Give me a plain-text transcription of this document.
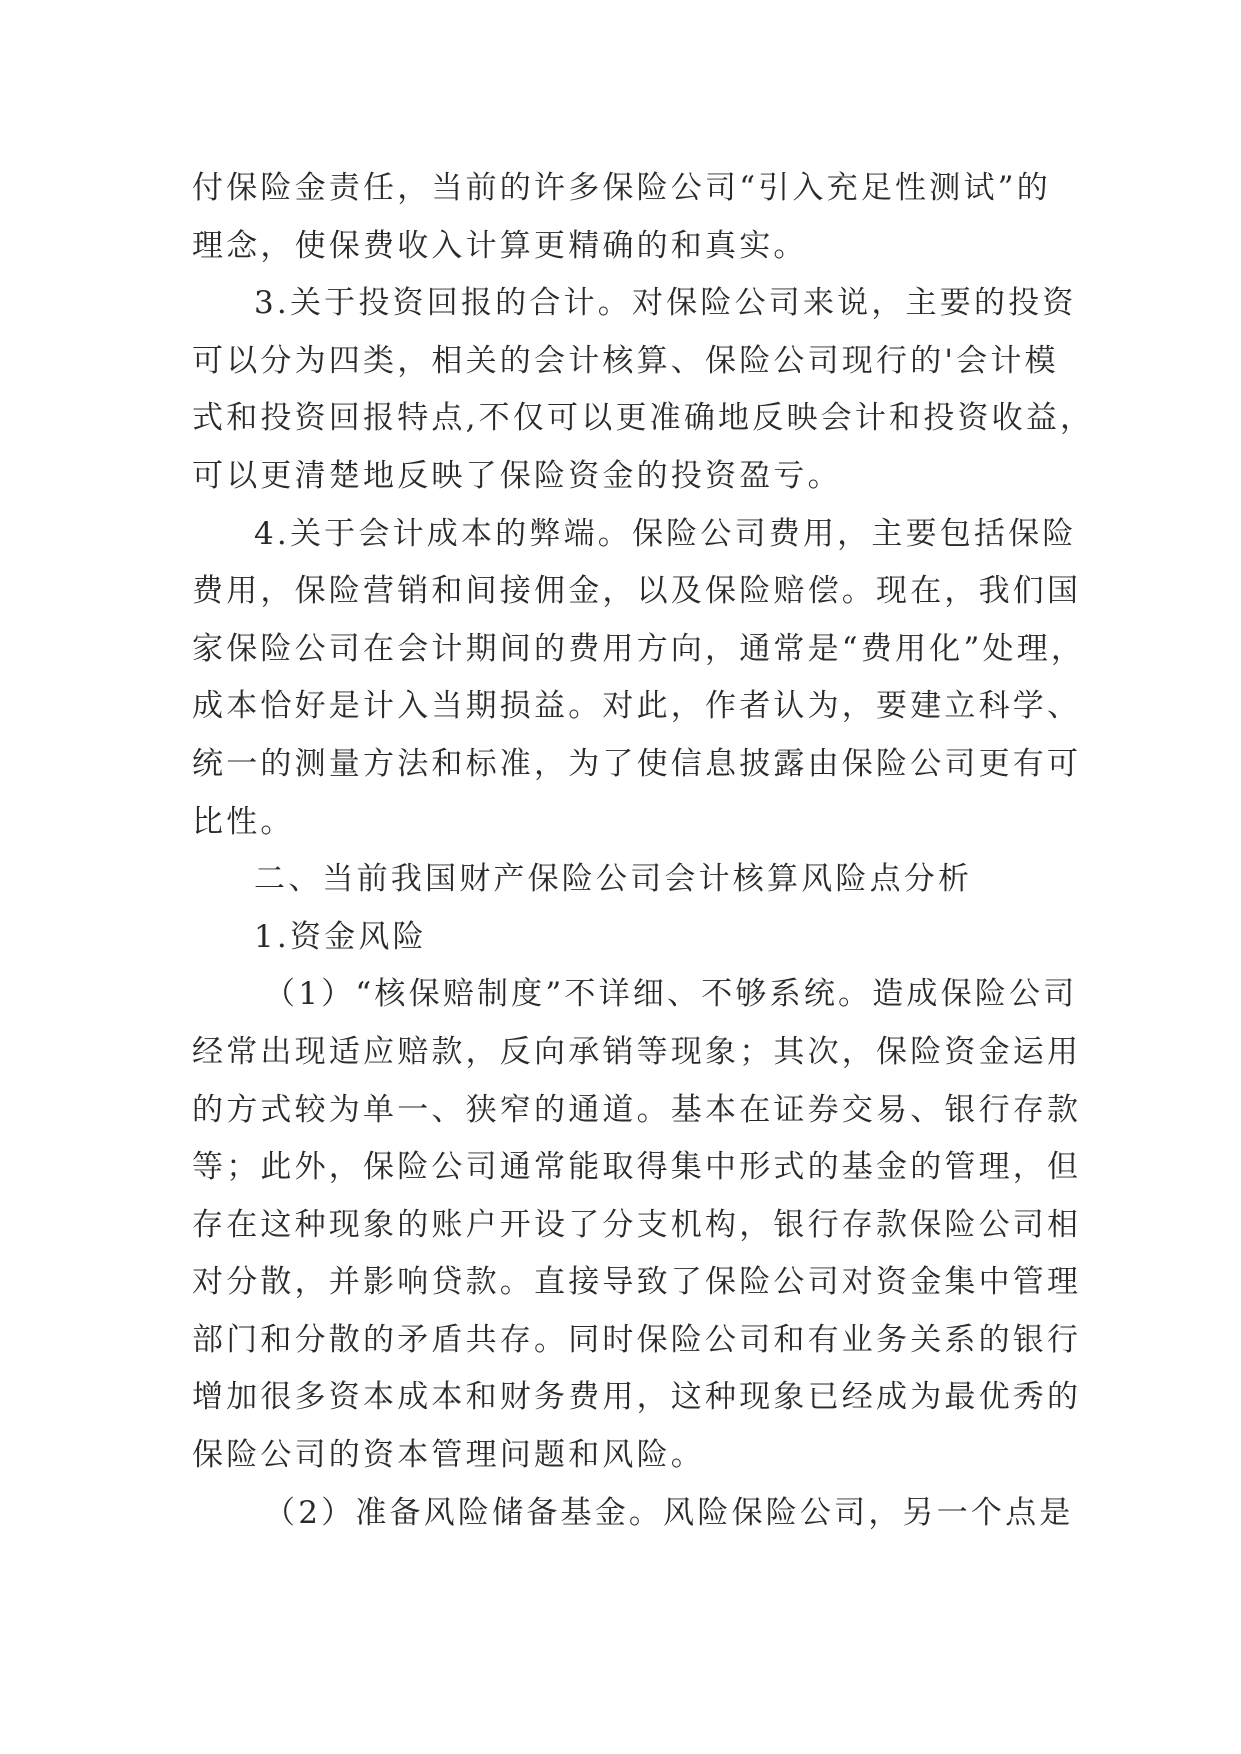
付保险金责任，当前的许多保险公司“引入充足性测试”的
理念，使保费收入计算更精确的和真实。
3.关于投资回报的合计。对保险公司来说，主要的投资
可以分为四类，相关的会计核算、保险公司现行的'会计模
式和投资回报特点,不仅可以更准确地反映会计和投资收益，
可以更清楚地反映了保险资金的投资盈亏。
4.关于会计成本的弊端。保险公司费用，主要包括保险
费用，保险营销和间接佣金，以及保险赔偿。现在，我们国
家保险公司在会计期间的费用方向，通常是“费用化”处理，
成本恰好是计入当期损益。对此，作者认为，要建立科学、
统一的测量方法和标准，为了使信息披露由保险公司更有可
比性。
二、当前我国财产保险公司会计核算风险点分析
1.资金风险
（1）“核保赔制度”不详细、不够系统。造成保险公司
经常出现适应赔款，反向承销等现象；其次，保险资金运用
的方式较为单一、狭窄的通道。基本在证券交易、银行存款
等；此外，保险公司通常能取得集中形式的基金的管理，但
存在这种现象的账户开设了分支机构，银行存款保险公司相
对分散，并影响贷款。直接导致了保险公司对资金集中管理
部门和分散的矛盾共存。同时保险公司和有业务关系的银行
增加很多资本成本和财务费用，这种现象已经成为最优秀的
保险公司的资本管理问题和风险。
（2）准备风险储备基金。风险保险公司，另一个点是
